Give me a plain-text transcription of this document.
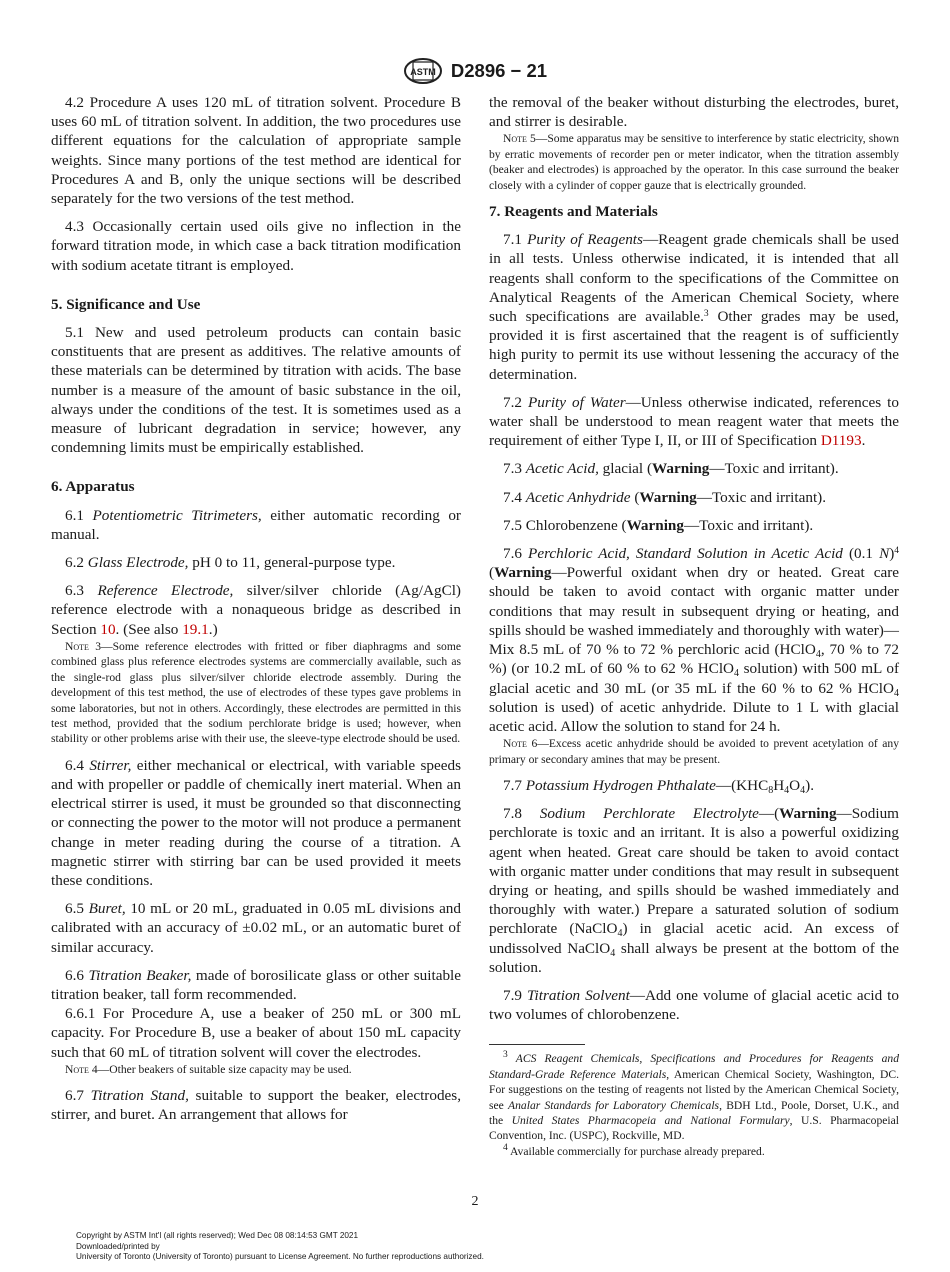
ASTM D2896 − 21

4.2 Procedure A uses 120 mL of titration solvent. Procedure B uses 60 mL of titration solvent. In addition, the two procedures use different equations for the calculation of appropriate sample weights. Since many portions of the test method are identical for Procedures A and B, only the unique sections will be described separately for the two versions of the test method.

4.3 Occasionally certain used oils give no inflection in the forward titration mode, in which case a back titration modification with sodium acetate titrant is employed.

5. Significance and Use

5.1 New and used petroleum products can contain basic constituents that are present as additives. The relative amounts of these materials can be determined by titration with acids. The base number is a measure of the amount of basic substance in the oil, always under the conditions of the test. It is sometimes used as a measure of lubricant degradation in service; however, any condemning limits must be empirically established.

6. Apparatus

6.1 Potentiometric Titrimeters, either automatic recording or manual.

6.2 Glass Electrode, pH 0 to 11, general-purpose type.

6.3 Reference Electrode, silver/silver chloride (Ag/AgCl) reference electrode with a nonaqueous bridge as described in Section 10. (See also 19.1.)

Note 3—Some reference electrodes with fritted or fiber diaphragms and some combined glass plus reference electrodes systems are commercially available, such as the single-rod glass plus silver/silver chloride electrode assembly. During the development of this test method, the use of electrodes of these types gave problems in some laboratories, but not in others. Accordingly, these electrodes are permitted in this test method, provided that the sodium perchlorate bridge is used; however, when stability or other problems arise with their use, the sleeve-type electrode should be used.

6.4 Stirrer, either mechanical or electrical, with variable speeds and with propeller or paddle of chemically inert material. When an electrical stirrer is used, it must be grounded so that disconnecting or connecting the power to the motor will not produce a permanent change in meter reading during the course of a titration. A magnetic stirrer with stirring bar can be used provided it meets these conditions.

6.5 Buret, 10 mL or 20 mL, graduated in 0.05 mL divisions and calibrated with an accuracy of ±0.02 mL, or an automatic buret of similar accuracy.

6.6 Titration Beaker, made of borosilicate glass or other suitable titration beaker, tall form recommended.

6.6.1 For Procedure A, use a beaker of 250 mL or 300 mL capacity. For Procedure B, use a beaker of about 150 mL capacity such that 60 mL of titration solvent will cover the electrodes.

Note 4—Other beakers of suitable size capacity may be used.

6.7 Titration Stand, suitable to support the beaker, electrodes, stirrer, and buret. An arrangement that allows for

the removal of the beaker without disturbing the electrodes, buret, and stirrer is desirable.

Note 5—Some apparatus may be sensitive to interference by static electricity, shown by erratic movements of recorder pen or meter indicator, when the titration assembly (beaker and electrodes) is approached by the operator. In this case surround the beaker closely with a cylinder of copper gauze that is electrically grounded.

7. Reagents and Materials

7.1 Purity of Reagents—Reagent grade chemicals shall be used in all tests. Unless otherwise indicated, it is intended that all reagents shall conform to the specifications of the Committee on Analytical Reagents of the American Chemical Society, where such specifications are available.$^3$ Other grades may be used, provided it is first ascertained that the reagent is of sufficiently high purity to permit its use without lessening the accuracy of the determination.

7.2 Purity of Water—Unless otherwise indicated, references to water shall be understood to mean reagent water that meets the requirement of either Type I, II, or III of Specification D1193.

7.3 Acetic Acid, glacial (Warning—Toxic and irritant).

7.4 Acetic Anhydride (Warning—Toxic and irritant).

7.5 Chlorobenzene (Warning—Toxic and irritant).

7.6 Perchloric Acid, Standard Solution in Acetic Acid (0.1 N)$^4$ (Warning—Powerful oxidant when dry or heated. Great care should be taken to avoid contact with organic matter under conditions that may result in subsequent drying or heating, and spills should be washed immediately and thoroughly with water)—Mix 8.5 mL of 70 % to 72 % perchloric acid (HClO$_4$, 70 % to 72 %) (or 10.2 mL of 60 % to 62 % HClO$_4$ solution) with 500 mL of glacial acetic and 30 mL (or 35 mL if the 60 % to 62 % HClO$_4$ solution is used) of acetic anhydride. Dilute to 1 L with glacial acetic acid. Allow the solution to stand for 24 h.

Note 6—Excess acetic anhydride should be avoided to prevent acetylation of any primary or secondary amines that may be present.

7.7 Potassium Hydrogen $Phthalate—(KHC_8H_4O_4)$.

7.8 Sodium Perchlorate Electrolyte—(Warning—Sodium perchlorate is toxic and an irritant. It is also a powerful oxidizing agent when heated. Great care should be taken to avoid contact with organic matter under conditions that may result in subsequent drying or heating, and spills should be washed immediately and thoroughly with water.) Prepare a saturated solution of sodium perchlorate (NaClO$_4$) in glacial acetic acid. An excess of undissolved NaClO$_4$ shall always be present at the bottom of the solution.

7.9 Titration Solvent—Add one volume of glacial acetic acid to two volumes of chlorobenzene.

$^3$ ACS Reagent Chemicals, Specifications and Procedures for Reagents and Standard-Grade Reference Materials, American Chemical Society, Washington, DC. For suggestions on the testing of reagents not listed by the American Chemical Society, see Analar Standards for Laboratory Chemicals, BDH Ltd., Poole, Dorset, U.K., and the United States Pharmacopeia and National Formulary, U.S. Pharmacopeial Convention, Inc. (USPC), Rockville, MD.

$^4$ Available commercially for purchase already prepared.

2
Copyright by ASTM Int'l (all rights reserved); Wed Dec 08 08:14:53 GMT 2021
Downloaded/printed by
University of Toronto (University of Toronto) pursuant to License Agreement. No further reproductions authorized.
